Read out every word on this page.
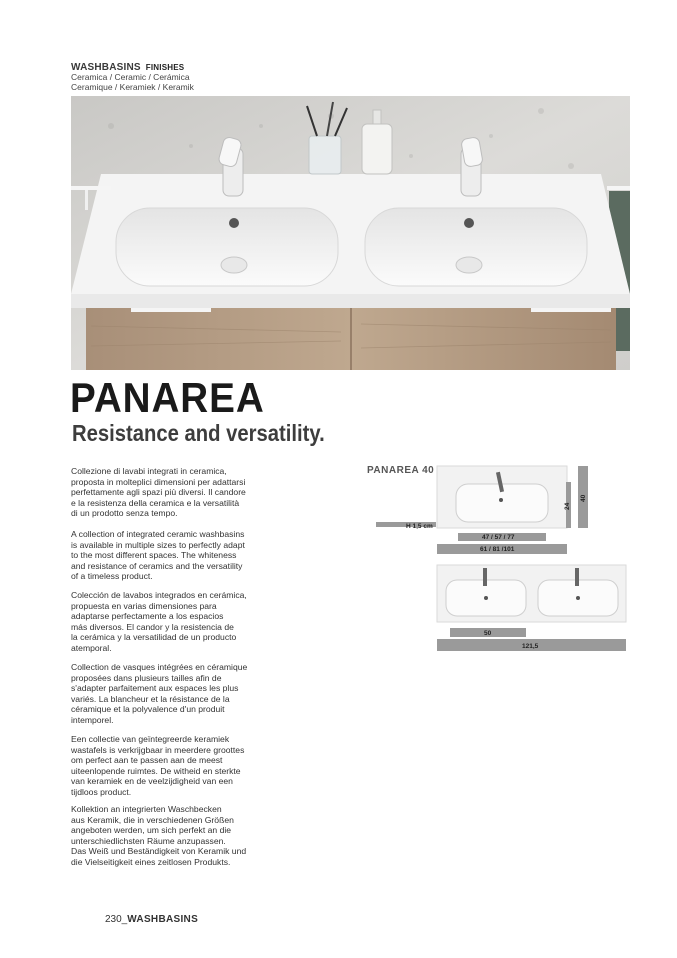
WASHBASINS FINISHES
Ceramica / Ceramic / Cerámica
Ceramique / Keramiek / Keramik
PANAREA
Resistance and versatility.
Collezione di lavabi integrati in ceramica,
proposta in molteplici dimensioni per adattarsi
perfettamente agli spazi più diversi. Il candore
e la resistenza della ceramica e la versatilità
di un prodotto senza tempo.
A collection of integrated ceramic washbasins
is available in multiple sizes to perfectly adapt
to the most different spaces. The whiteness
and resistance of ceramics and the versatility
of a timeless product.
Colección de lavabos integrados en cerámica,
propuesta en varias dimensiones para
adaptarse perfectamente a los espacios
más diversos. El candor y la resistencia de
la cerámica y la versatilidad de un producto
atemporal.
Collection de vasques intégrées en céramique
proposées dans plusieurs tailles afin de
s'adapter parfaitement aux espaces les plus
variés. La blancheur et la résistance de la
céramique et la polyvalence d'un produit
intemporel.
Een collectie van geïntegreerde keramiek
wastafels is verkrijgbaar in meerdere groottes
om perfect aan te passen aan de meest
uiteenlopende ruimtes. De witheid en sterkte
van keramiek en de veelzijdigheid van een
tijdloos product.
Kollektion an integrierten Waschbecken
aus Keramik, die in verschiedenen Größen
angeboten werden, um sich perfekt an die
unterschiedlichsten Räume anzupassen.
Das Weiß und Beständigkeit von Keramik und
die Vielseitigkeit eines zeitlosen Produkts.
PANAREA 40
24
40
H 1,5 cm
47 / 57 / 77
61 / 81 /101
50
121,5
230_WASHBASINS
